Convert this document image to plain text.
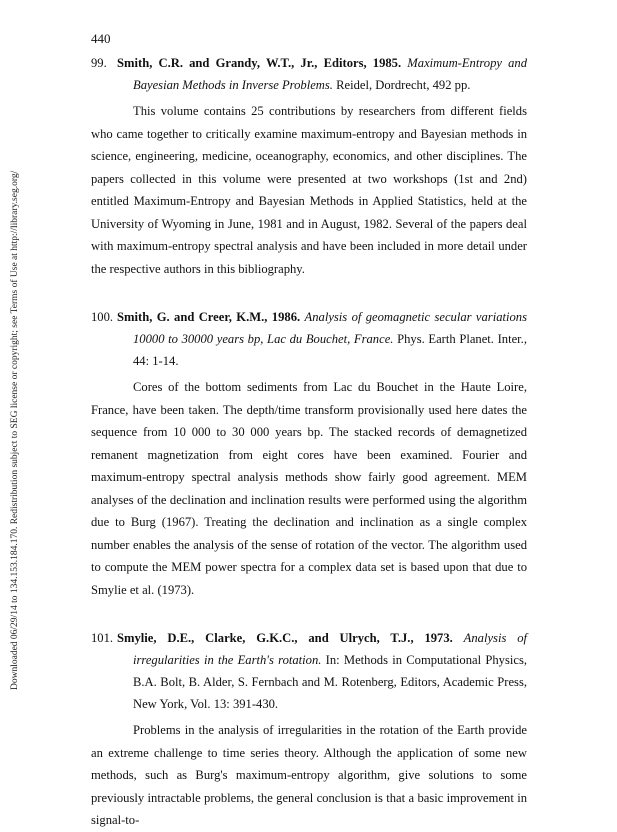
440
Downloaded 06/29/14 to 134.153.184.170. Redistribution subject to SEG license or copyright; see Terms of Use at http://library.seg.org/

99. Smith, C.R. and Grandy, W.T., Jr., Editors, 1985. Maximum-Entropy and Bayesian Methods in Inverse Problems. Reidel, Dordrecht, 492 pp.

This volume contains 25 contributions by researchers from different fields who came together to critically examine maximum-entropy and Bayesian methods in science, engineering, medicine, oceanography, economics, and other disciplines. The papers collected in this volume were presented at two workshops (1st and 2nd) entitled Maximum-Entropy and Bayesian Methods in Applied Statistics, held at the University of Wyoming in June, 1981 and in August, 1982. Several of the papers deal with maximum-entropy spectral analysis and have been included in more detail under the respective authors in this bibliography.

100. Smith, G. and Creer, K.M., 1986. Analysis of geomagnetic secular variations 10000 to 30000 years bp, Lac du Bouchet, France. Phys. Earth Planet. Inter., 44: 1-14.

Cores of the bottom sediments from Lac du Bouchet in the Haute Loire, France, have been taken. The depth/time transform provisionally used here dates the sequence from 10 000 to 30 000 years bp. The stacked records of demagnetized remanent magnetization from eight cores have been examined. Fourier and maximum-entropy spectral analysis methods show fairly good agreement. MEM analyses of the declination and inclination results were performed using the algorithm due to Burg (1967). Treating the declination and inclination as a single complex number enables the analysis of the sense of rotation of the vector. The algorithm used to compute the MEM power spectra for a complex data set is based upon that due to Smylie et al. (1973).

101. Smylie, D.E., Clarke, G.K.C., and Ulrych, T.J., 1973. Analysis of irregularities in the Earth's rotation. In: Methods in Computational Physics, B.A. Bolt, B. Alder, S. Fernbach and M. Rotenberg, Editors, Academic Press, New York, Vol. 13: 391-430.

Problems in the analysis of irregularities in the rotation of the Earth provide an extreme challenge to time series theory. Although the application of some new methods, such as Burg's maximum-entropy algorithm, give solutions to some previously intractable problems, the general conclusion is that a basic improvement in signal-to-
